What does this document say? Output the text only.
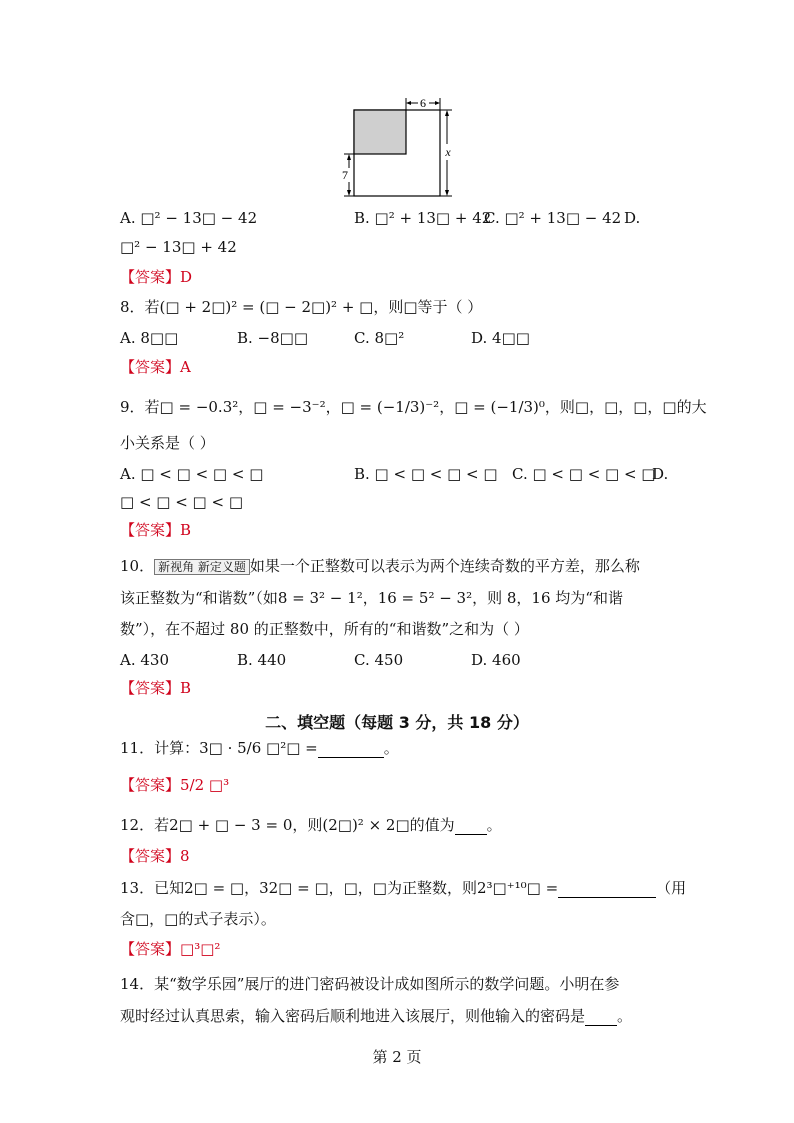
6
x
7
A. □² − 13□ − 42	B. □² + 13□ + 42
C. □² + 13□ − 42 D.
□² − 13□ + 42
【答案】D
8．若(□ + 2□)² = (□ − 2□)² + □，则□等于（ ）
A. 8□□	B. −8□□	C. 8□²	D. 4□□
【答案】A
9．若□ = −0.3²，□ = −3⁻²，□ = (−1/3)⁻²，□ = (−1/3)⁰，则□，□，□，□的大
小关系是（ ）
A. □ < □ < □ < □	B. □ < □ < □ < □ C. □ < □ < □ < □
D.
□ < □ < □ < □
【答案】B
10． 新视角 新定义题 如果一个正整数可以表示为两个连续奇数的平方差，那么称
该正整数为“和谐数”（如8 = 3² − 1²，16 = 5² − 3²，则 8，16 均为“和谐
数”），在不超过 80 的正整数中，所有的“和谐数”之和为（ ）
A. 430	B. 440	C. 450	D. 460
【答案】B
二、填空题（每题 3 分，共 18 分）
11．计算：3□ · 5/6 □²□ =	。
【答案】5/2 □³
12．若2□ + □ − 3 = 0，则(2□)² × 2□的值为 。
【答案】8
13．已知2□ = □，32□ = □，□，□为正整数，则2³□⁺¹⁰□ =	（用
含□，□的式子表示）。
【答案】□³□²
14．某“数学乐园”展厅的进门密码被设计成如图所示的数学问题。小明在参
观时经过认真思索，输入密码后顺利地进入该展厅，则他输入的密码是 。
第 2 页
